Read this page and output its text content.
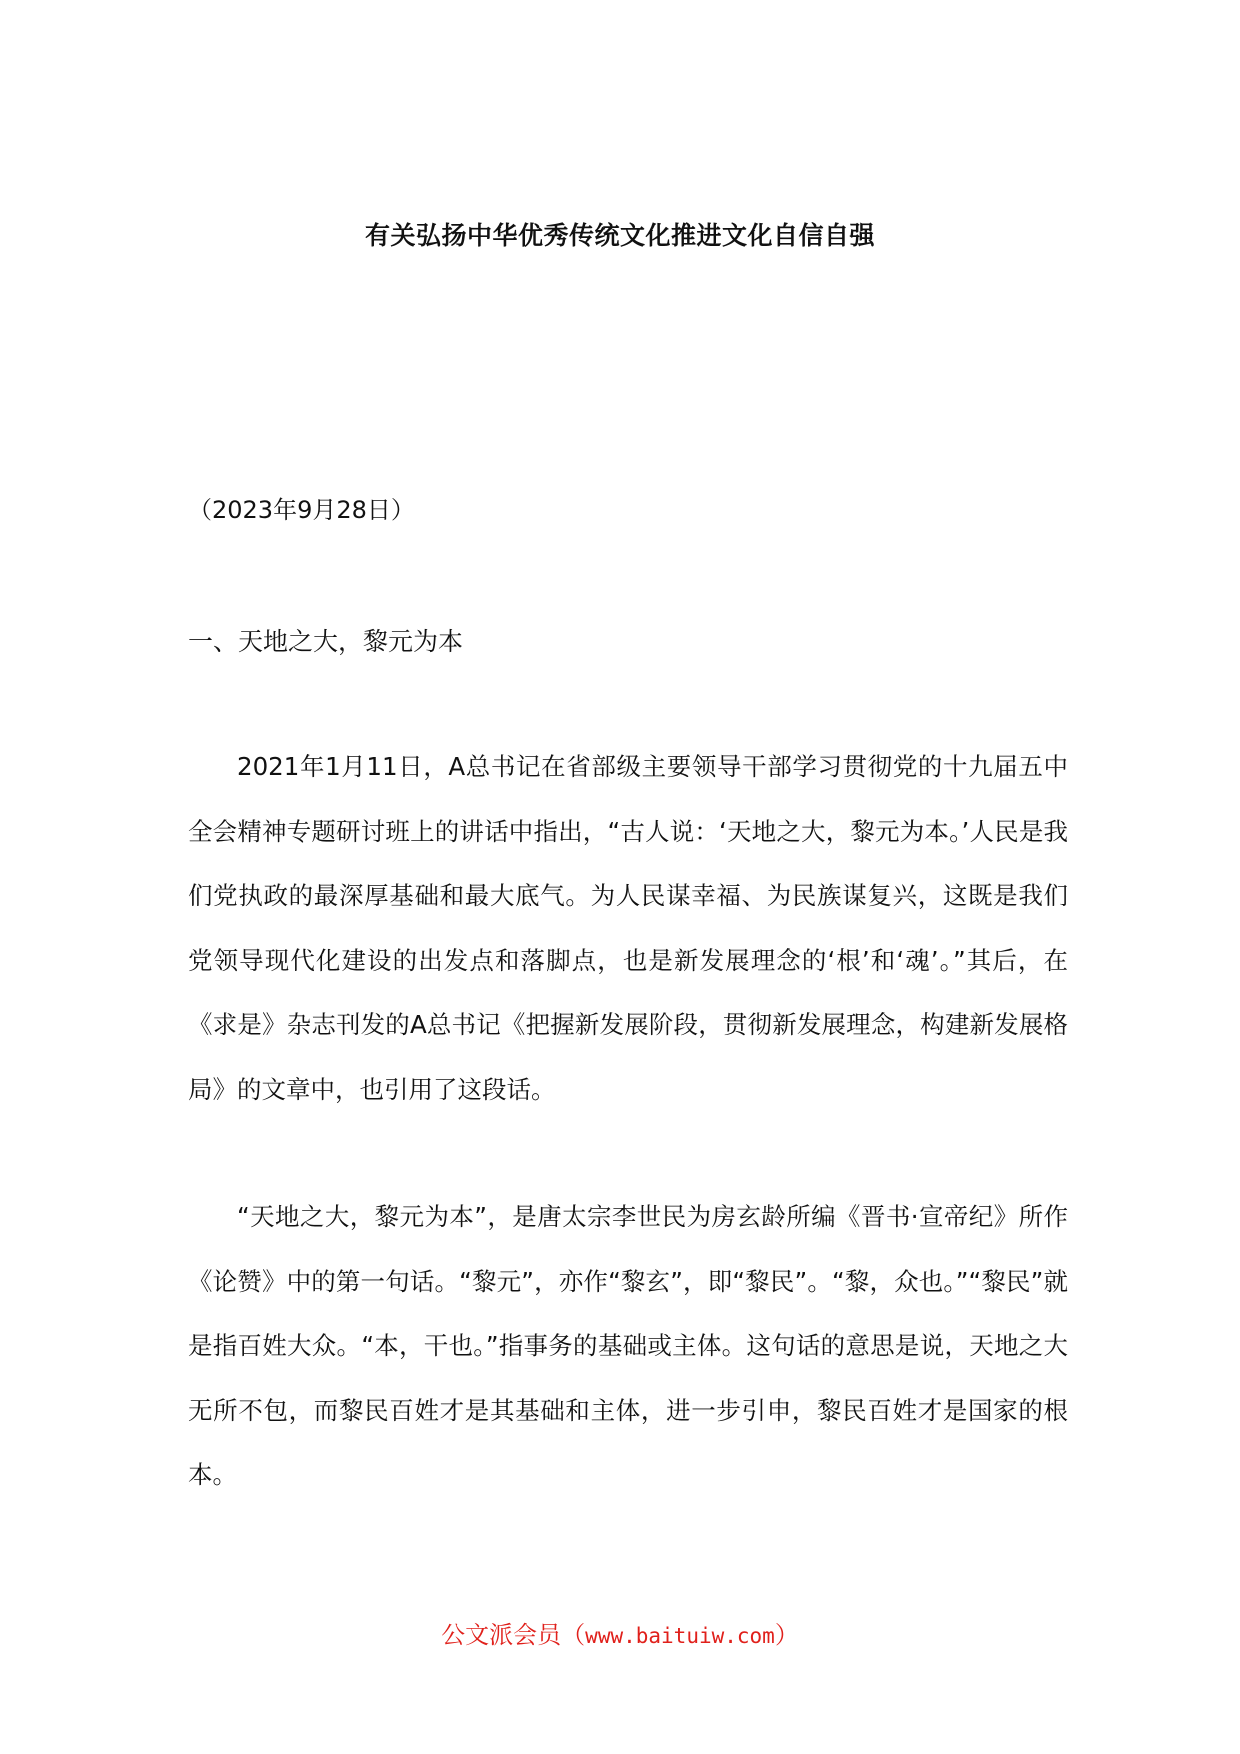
有关弘扬中华优秀传统文化推进文化自信自强
（2023年9月28日）
一、天地之大，黎元为本

2021年1月11日，A总书记在省部级主要领导干部学习贯彻党的十九届五中全会精神专题研讨班上的讲话中指出，“古人说：‘天地之大，黎元为本。’人民是我们党执政的最深厚基础和最大底气。为人民谋幸福、为民族谋复兴，这既是我们党领导现代化建设的出发点和落脚点，也是新发展理念的‘根’和‘魂’。”其后，在《求是》杂志刊发的A总书记《把握新发展阶段，贯彻新发展理念，构建新发展格局》的文章中，也引用了这段话。

“天地之大，黎元为本”，是唐太宗李世民为房玄龄所编《晋书·宣帝纪》所作《论赞》中的第一句话。“黎元”，亦作“黎玄”，即“黎民”。“黎，众也。”“黎民”就是指百姓大众。“本，干也。”指事务的基础或主体。这句话的意思是说，天地之大无所不包，而黎民百姓才是其基础和主体，进一步引申，黎民百姓才是国家的根本。

公文派会员（www.baituiw.com）
